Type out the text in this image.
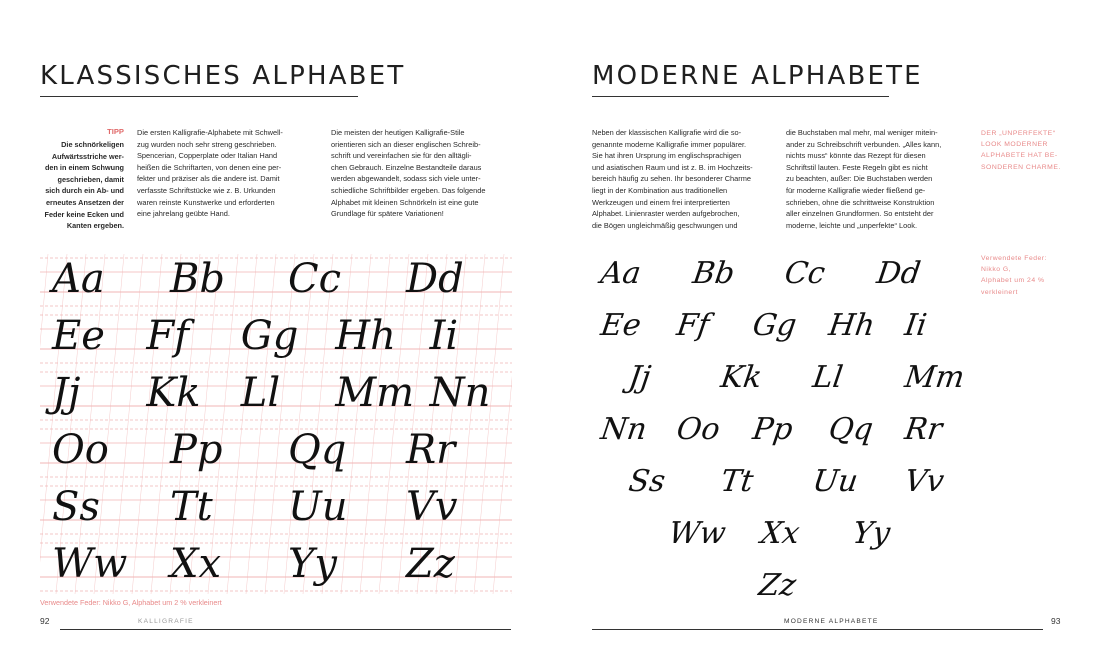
KLASSISCHES ALPHABET
TIPP
Die schnörkeligen
Aufwärtsstriche wer-
den in einem Schwung
geschrieben, damit
sich durch ein Ab- und
erneutes Ansetzen der
Feder keine Ecken und
Kanten ergeben.
Die ersten Kalligrafie-Alphabete mit Schwell-
zug wurden noch sehr streng geschrieben.
Spencerian, Copperplate oder Italian Hand
heißen die Schriftarten, von denen eine per-
fekter und präziser als die andere ist. Damit
verfasste Schriftstücke wie z. B. Urkunden
waren reinste Kunstwerke und erforderten
eine jahrelang geübte Hand.
Die meisten der heutigen Kalligrafie-Stile
orientieren sich an dieser englischen Schreib-
schrift und vereinfachen sie für den alltägli-
chen Gebrauch. Einzelne Bestandteile daraus
werden abgewandelt, sodass sich viele unter-
schiedliche Schriftbilder ergeben. Das folgende
Alphabet mit kleinen Schnörkeln ist eine gute
Grundlage für spätere Variationen!
Aa Bb Cc Dd
Ee Ff Gg Hh Ii
Jj Kk Ll Mm Nn
Oo Pp Qq Rr
Ss Tt Uu Vv
Ww Xx Yy Zz
Verwendete Feder: Nikko G, Alphabet um 2 % verkleinert
92	KALLIGRAFIE
MODERNE ALPHABETE
Neben der klassischen Kalligrafie wird die so-
genannte moderne Kalligrafie immer populärer.
Sie hat ihren Ursprung im englischsprachigen
und asiatischen Raum und ist z. B. im Hochzeits-
bereich häufig zu sehen. Ihr besonderer Charme
liegt in der Kombination aus traditionellen
Werkzeugen und einem frei interpretierten
Alphabet. Linienraster werden aufgebrochen,
die Bögen ungleichmäßig geschwungen und
die Buchstaben mal mehr, mal weniger mitein-
ander zu Schreibschrift verbunden. „Alles kann,
nichts muss“ könnte das Rezept für diesen
Schriftstil lauten. Feste Regeln gibt es nicht
zu beachten, außer: Die Buchstaben werden
für moderne Kalligrafie wieder fließend ge-
schrieben, ohne die schrittweise Konstruktion
aller einzelnen Grundformen. So entsteht der
moderne, leichte und „unperfekte“ Look.
DER „UNPERFEKTE“
LOOK MODERNER
ALPHABETE HAT BE-
SONDEREN CHARME.
Verwendete Feder:
Nikko G,
Alphabet um 24 %
verkleinert
Aa Bb Cc Dd
Ee Ff Gg Hh Ii
Jj Kk Ll Mm
Nn Oo Pp Qq Rr
Ss Tt Uu Vv
Ww Xx Yy
Zz
MODERNE ALPHABETE	93
